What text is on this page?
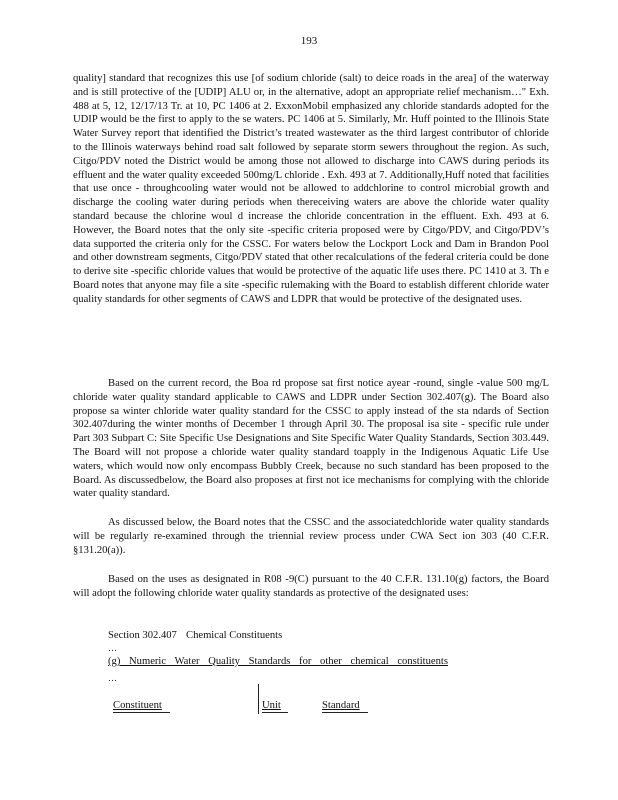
193

quality] standard that recognizes this use [of sodium chloride (salt) to deice roads in the area] of the waterway and is still protective of the [UDIP] ALU or, in the alternative, adopt an appropriate relief mechanism…" Exh. 488 at 5, 12, 12/17/13 Tr. at 10, PC 1406 at 2. ExxonMobil emphasized any chloride standards adopted for the UDIP would be the first to apply to the se waters. PC 1406 at 5. Similarly, Mr. Huff pointed to the Illinois State Water Survey report that identified the District’s treated wastewater as the third largest contributor of chloride to the Illinois waterways behind road salt followed by separate storm sewers throughout the region. As such, Citgo/PDV noted the District would be among those not allowed to discharge into CAWS during periods its effluent and the water quality exceeded 500mg/L chloride . Exh. 493 at 7. Additionally,Huff noted that facilities that use once - throughcooling water would not be allowed to addchlorine to control microbial growth and discharge the cooling water during periods when thereceiving waters are above the chloride water quality standard because the chlorine woul d increase the chloride concentration in the effluent. Exh. 493 at 6. However, the Board notes that the only site -specific criteria proposed were by Citgo/PDV, and Citgo/PDV’s data supported the criteria only for the CSSC. For waters below the Lockport Lock and Dam in Brandon Pool and other downstream segments, Citgo/PDV stated that other recalculations of the federal criteria could be done to derive site -specific chloride values that would be protective of the aquatic life uses there. PC 1410 at 3. Th e Board notes that anyone may file a site -specific rulemaking with the Board to establish different chloride water quality standards for other segments of CAWS and LDPR that would be protective of the designated uses.

Based on the current record, the Boa rd propose sat first notice ayear -round, single -value 500 mg/L chloride water quality standard applicable to CAWS and LDPR under Section 302.407(g). The Board also propose sa winter chloride water quality standard for the CSSC to apply instead of the sta ndards of Section 302.407during the winter months of December 1 through April 30. The proposal isa site - specific rule under Part 303 Subpart C: Site Specific Use Designations and Site Specific Water Quality Standards, Section 303.449. The Board will not propose a chloride water quality standard toapply in the Indigenous Aquatic Life Use waters, which would now only encompass Bubbly Creek, because no such standard has been proposed to the Board. As discussedbelow, the Board also proposes at first not ice mechanisms for complying with the chloride water quality standard.

As discussed below, the Board notes that the CSSC and the associatedchloride water quality standards will be regularly re-examined through the triennial review process under CWA Sect ion 303 (40 C.F.R. §131.20(a)).

Based on the uses as designated in R08 -9(C) pursuant to the 40 C.F.R. 131.10(g) factors, the Board will adopt the following chloride water quality standards as protective of the designated uses:

Section 302.407 Chemical Constituents
…
(g) Numeric Water Quality Standards for other chemical constituents
…
Constituent	Unit	Standard
